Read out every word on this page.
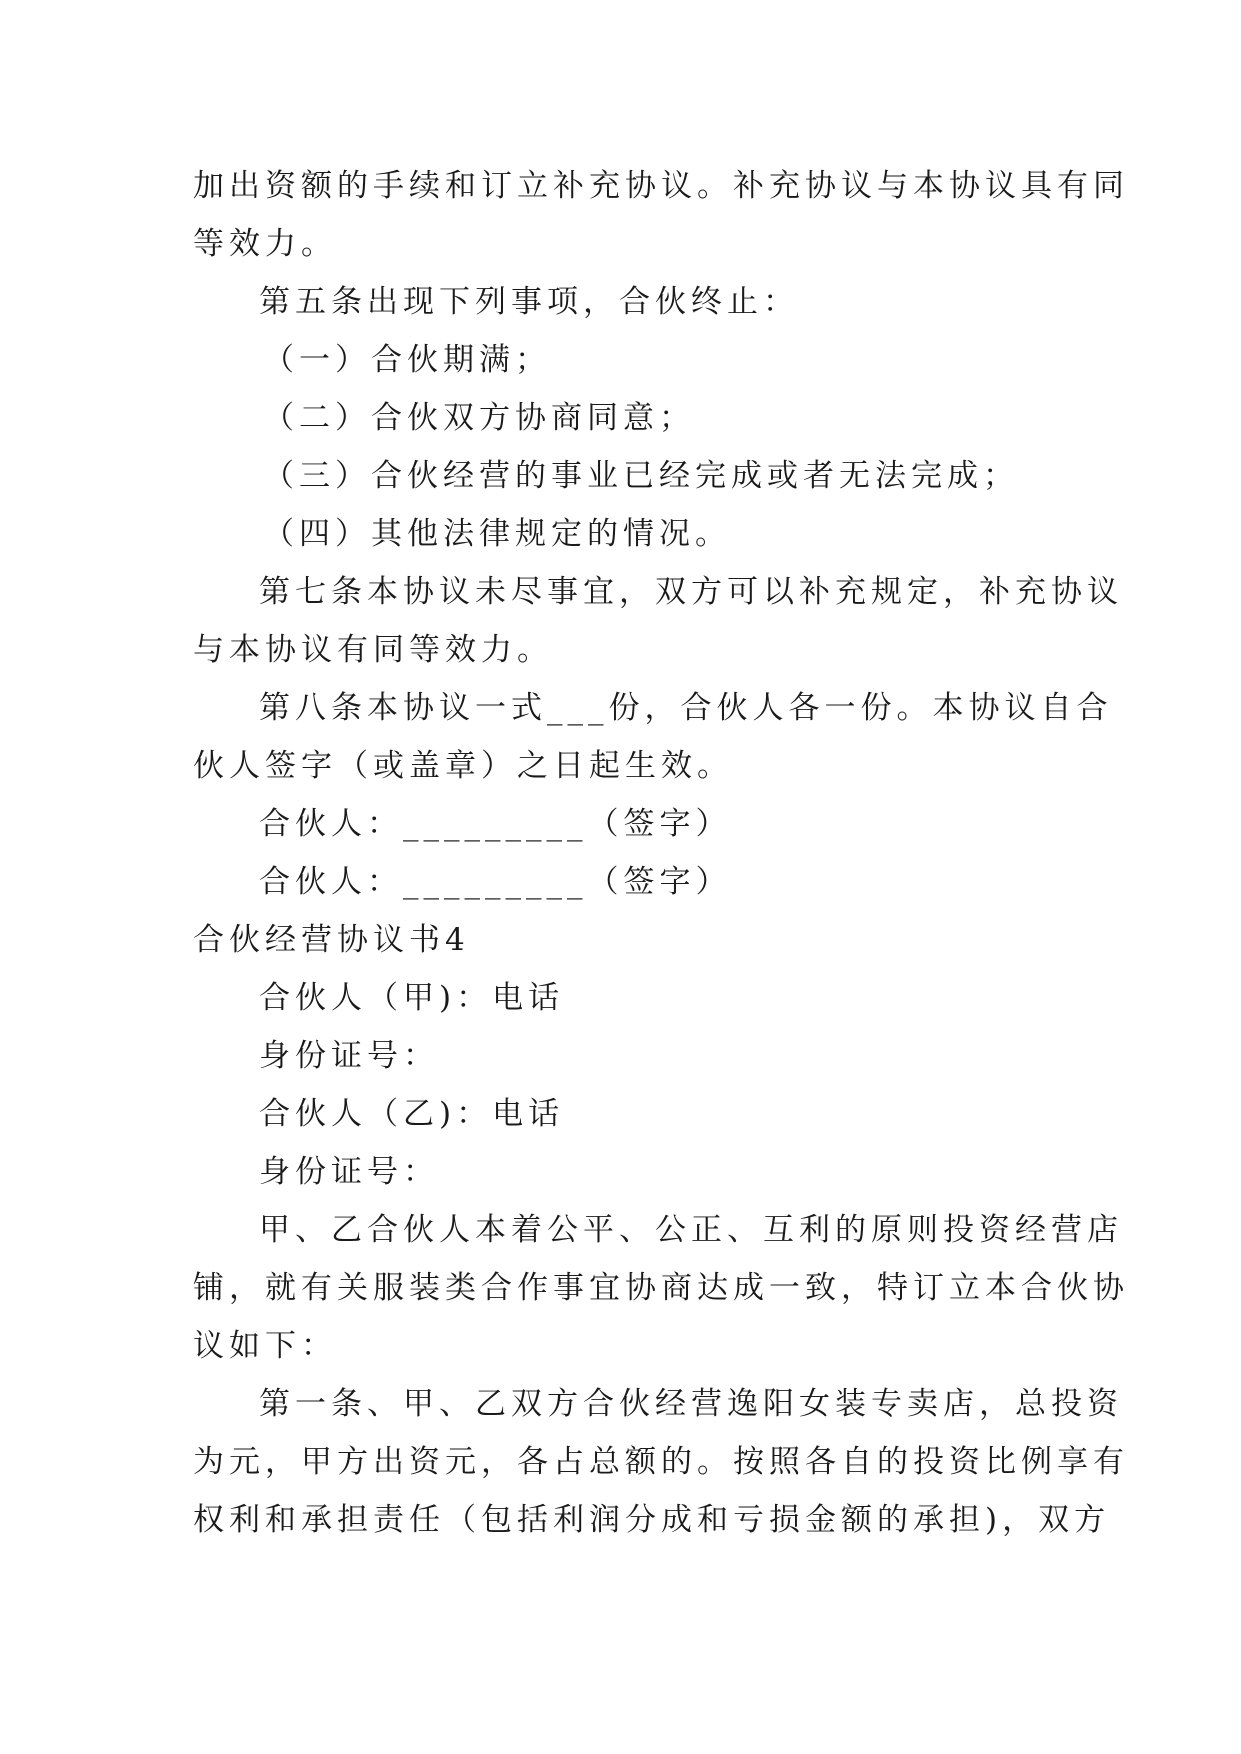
加出资额的手续和订立补充协议。补充协议与本协议具有同
等效力。
第五条出现下列事项，合伙终止：
（一）合伙期满；
（二）合伙双方协商同意；
（三）合伙经营的事业已经完成或者无法完成；
（四）其他法律规定的情况。
第七条本协议未尽事宜，双方可以补充规定，补充协议
与本协议有同等效力。
第八条本协议一式___份，合伙人各一份。本协议自合
伙人签字（或盖章）之日起生效。
合伙人：_________（签字）
合伙人：_________（签字）
合伙经营协议书4
合伙人（甲)：电话
身份证号：
合伙人（乙)：电话
身份证号：
甲、乙合伙人本着公平、公正、互利的原则投资经营店
铺，就有关服装类合作事宜协商达成一致，特订立本合伙协
议如下：
第一条、甲、乙双方合伙经营逸阳女装专卖店，总投资
为元，甲方出资元，各占总额的。按照各自的投资比例享有
权利和承担责任（包括利润分成和亏损金额的承担)，双方
